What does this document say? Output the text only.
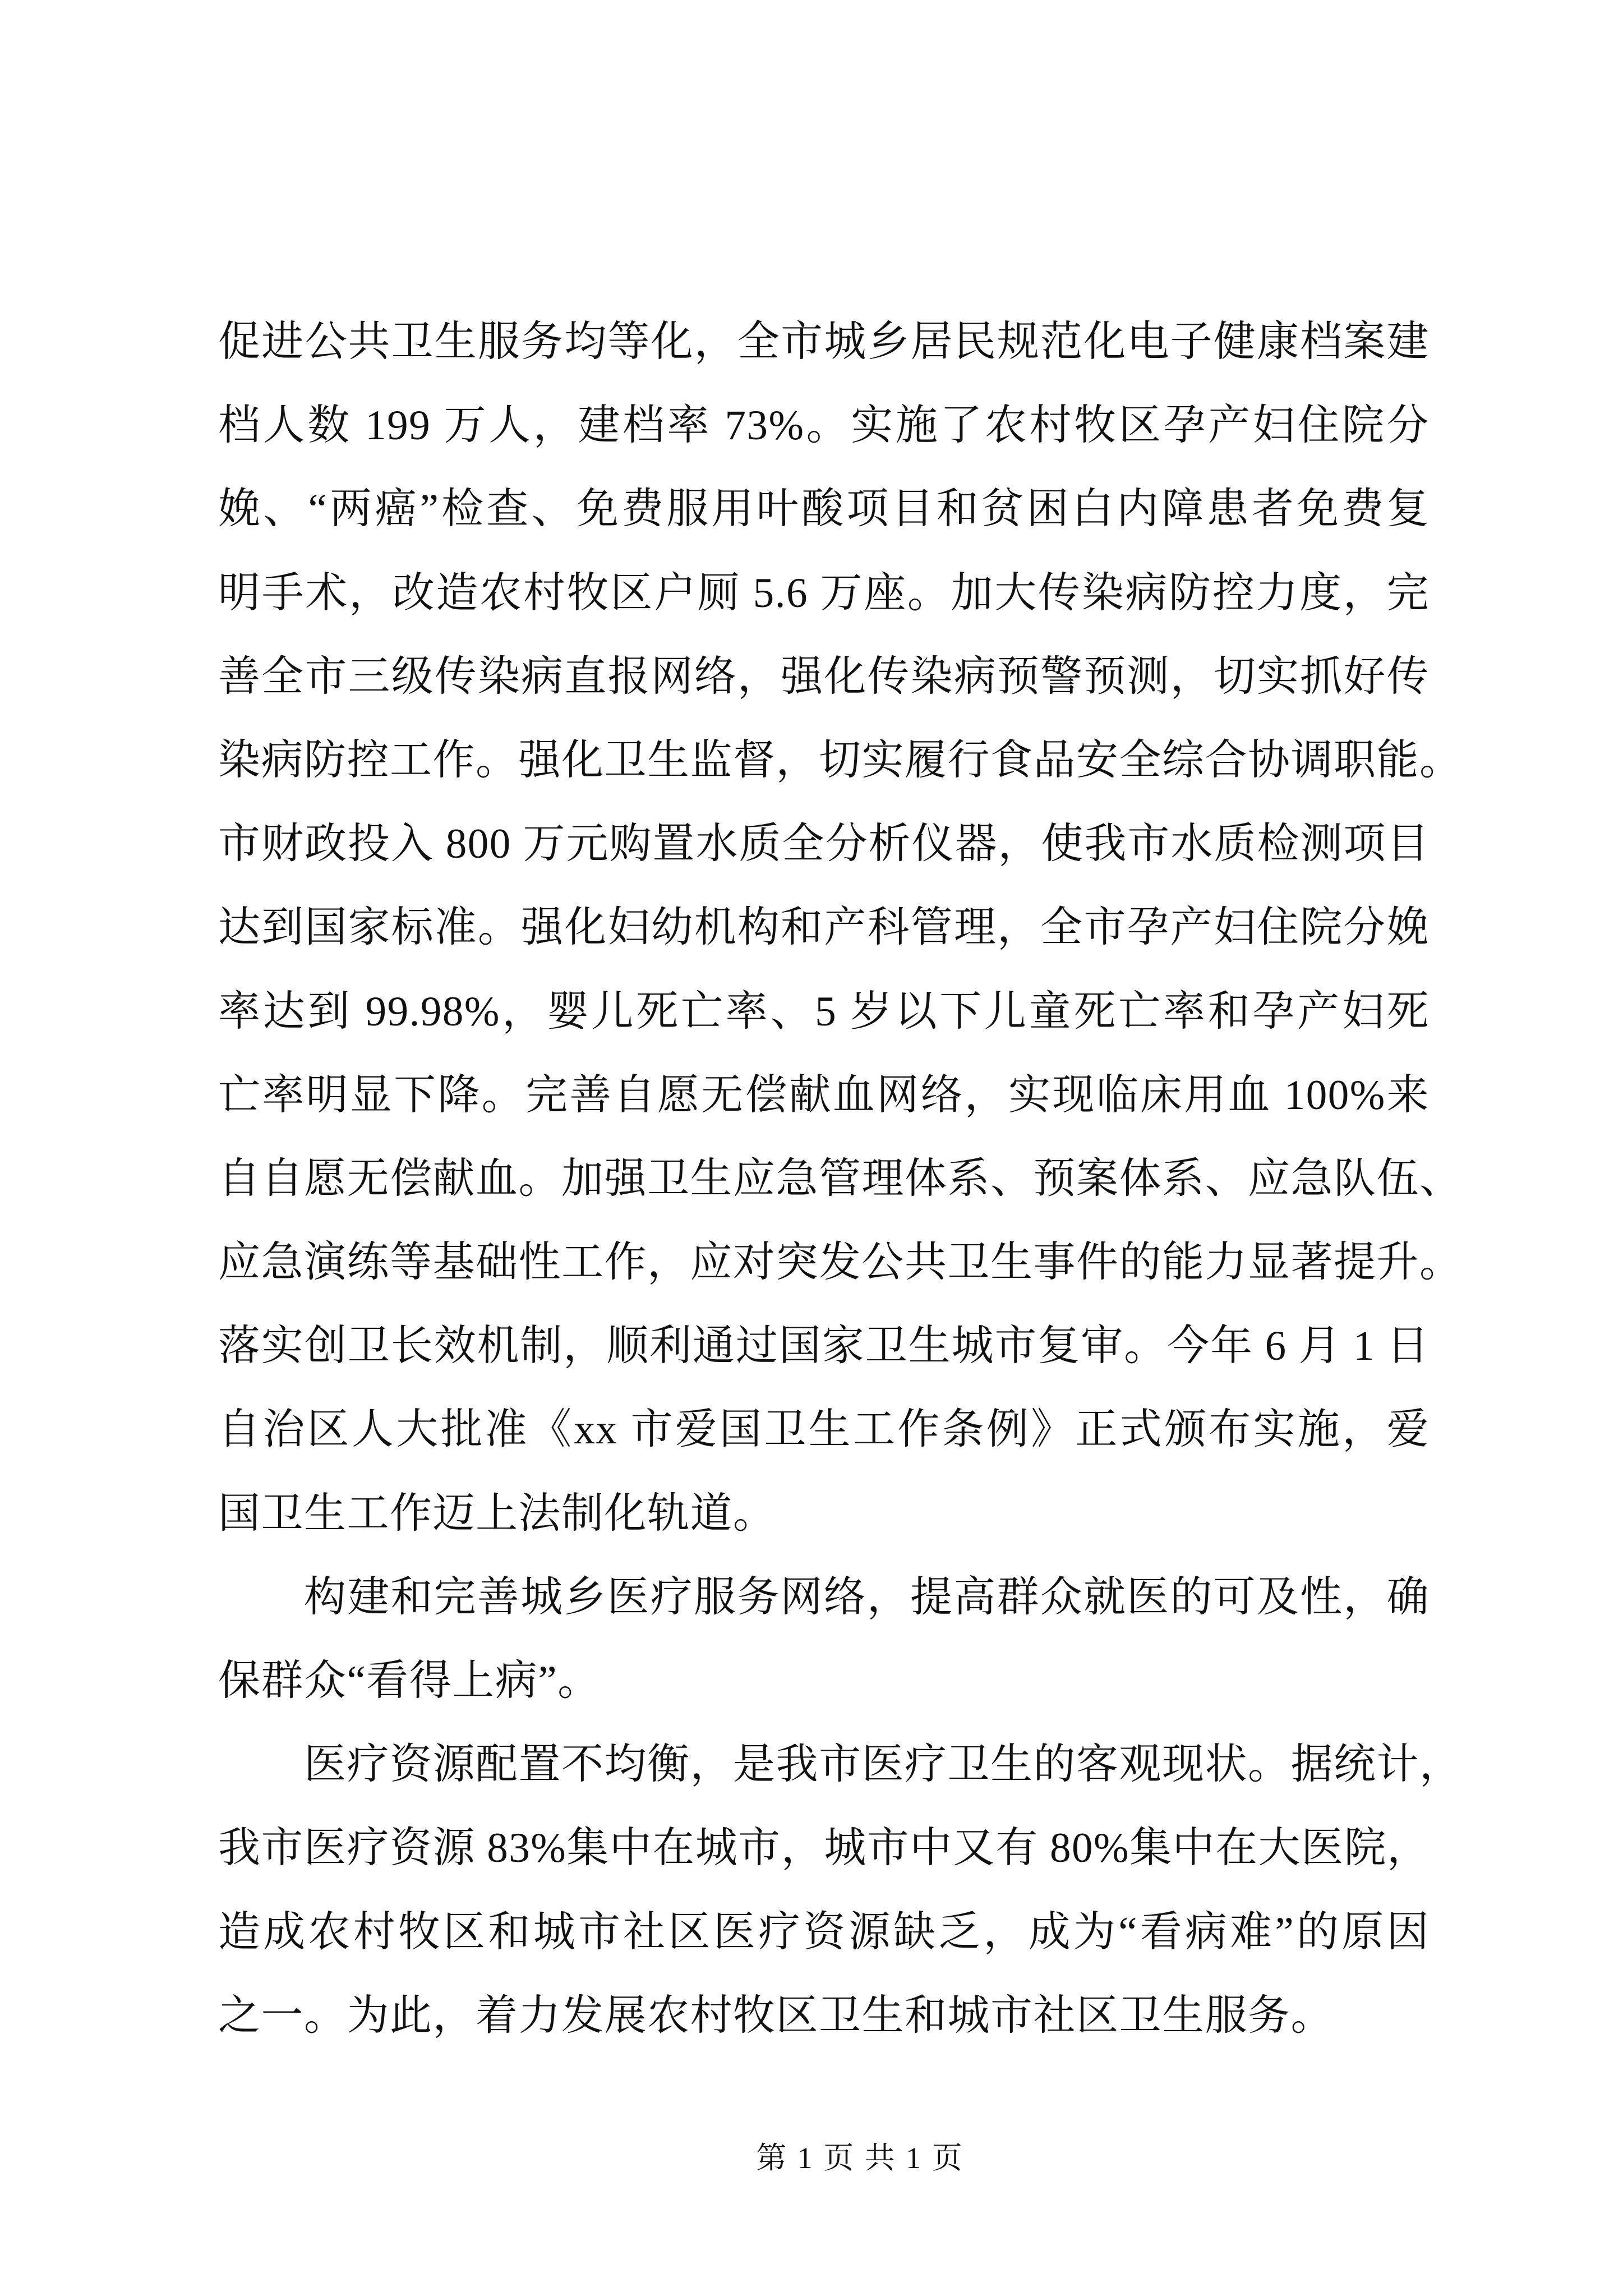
促进公共卫生服务均等化，全市城乡居民规范化电子健康档案建
档人数 199 万人，建档率 73%。实施了农村牧区孕产妇住院分
娩、“两癌”检查、免费服用叶酸项目和贫困白内障患者免费复
明手术，改造农村牧区户厕 5.6 万座。加大传染病防控力度，完
善全市三级传染病直报网络，强化传染病预警预测，切实抓好传
染病防控工作。强化卫生监督，切实履行食品安全综合协调职能。
市财政投入 800 万元购置水质全分析仪器，使我市水质检测项目
达到国家标准。强化妇幼机构和产科管理，全市孕产妇住院分娩
率达到 99.98%，婴儿死亡率、5 岁以下儿童死亡率和孕产妇死
亡率明显下降。完善自愿无偿献血网络，实现临床用血 100%来
自自愿无偿献血。加强卫生应急管理体系、预案体系、应急队伍、
应急演练等基础性工作，应对突发公共卫生事件的能力显著提升。
落实创卫长效机制，顺利通过国家卫生城市复审。今年 6 月 1 日
自治区人大批准《xx 市爱国卫生工作条例》正式颁布实施，爱
国卫生工作迈上法制化轨道。
构建和完善城乡医疗服务网络，提高群众就医的可及性，确
保群众“看得上病”。
医疗资源配置不均衡，是我市医疗卫生的客观现状。据统计，
我市医疗资源 83%集中在城市，城市中又有 80%集中在大医院，
造成农村牧区和城市社区医疗资源缺乏，成为“看病难”的原因
之一。为此，着力发展农村牧区卫生和城市社区卫生服务。
第 1 页 共 1 页
